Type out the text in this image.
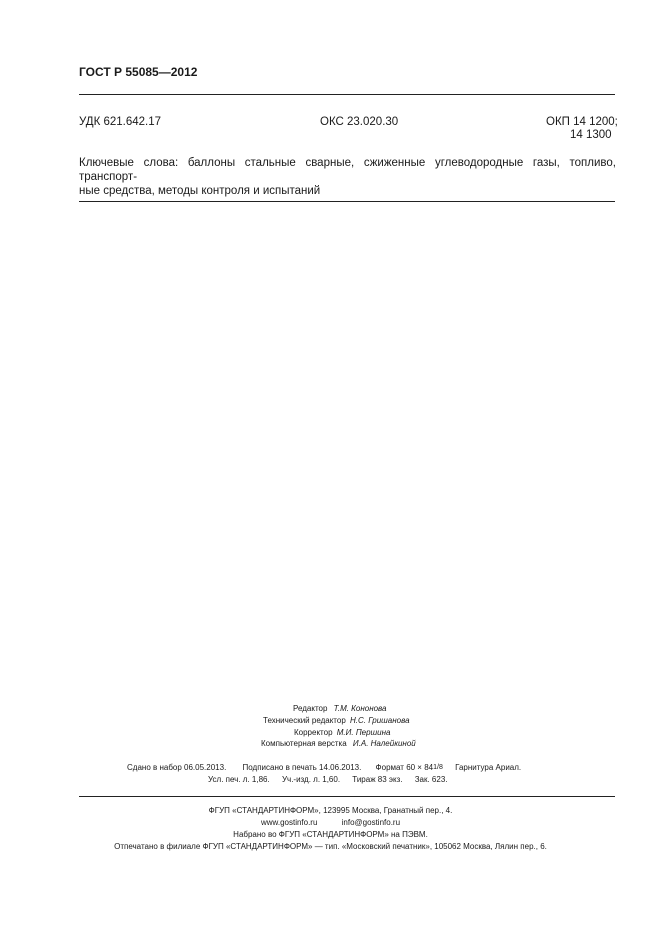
ГОСТ Р 55085—2012
УДК 621.642.17	ОКС 23.020.30	ОКП 14 1200;
14 1300
Ключевые слова: баллоны стальные сварные, сжиженные углеводородные газы, топливо, транспорт-
ные средства, методы контроля и испытаний
Редактор Т.М. Кононова
Технический редактор Н.С. Гришанова
Корректор М.И. Першина
Компьютерная верстка И.А. Налейкиной
Сдано в набор 06.05.2013. Подписано в печать 14.06.2013. Формат 60 × 841/8 Гарнитура Ариал.
Усл. печ. л. 1,86. Уч.-изд. л. 1,60. Тираж 83 экз. Зак. 623.
ФГУП «СТАНДАРТИНФОРМ», 123995 Москва, Гранатный пер., 4.
www.gostinfo.ru	info@gostinfo.ru
Набрано во ФГУП «СТАНДАРТИНФОРМ» на ПЭВМ.
Отпечатано в филиале ФГУП «СТАНДАРТИНФОРМ» — тип. «Московский печатник», 105062 Москва, Лялин пер., 6.
